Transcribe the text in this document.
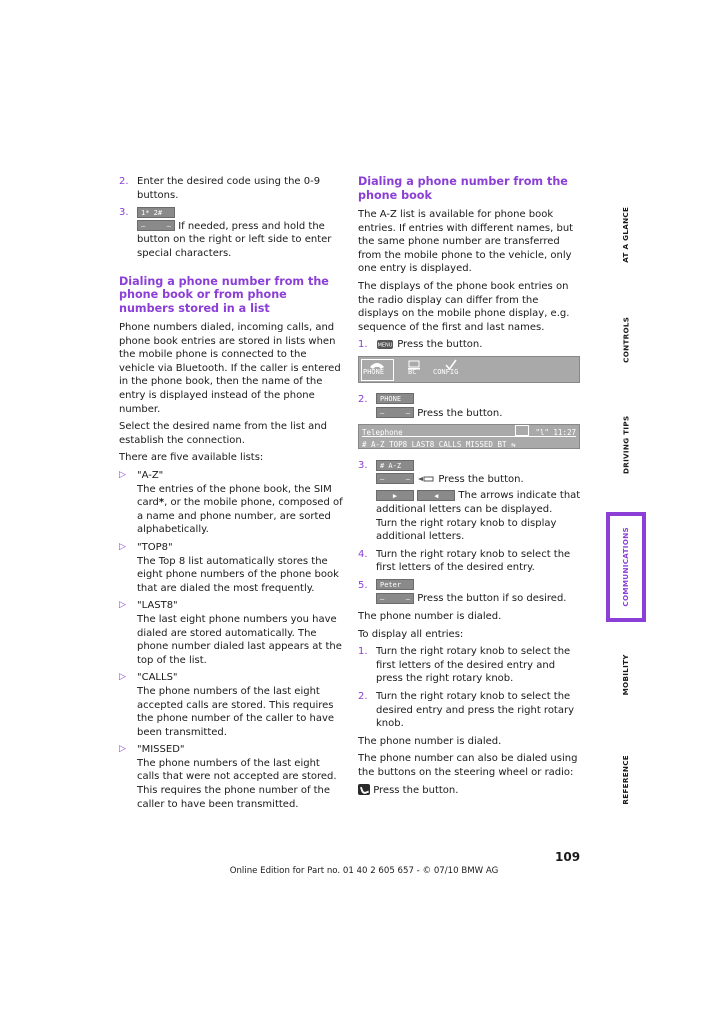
2. Enter the desired code using the 0-9 buttons.
3. 1* 2#

–	– If needed, press and hold the button on the right or left side to enter special characters.
Dialing a phone number from the phone book or from phone numbers stored in a list

Phone numbers dialed, incoming calls, and phone book entries are stored in lists when the mobile phone is connected to the vehicle via Bluetooth. If the caller is entered in the phone book, then the name of the entry is displayed instead of the phone number.

Select the desired name from the list and establish the connection.

There are five available lists:

▷ "A-Z"
The entries of the phone book, the SIM card*, or the mobile phone, composed of a name and phone number, are sorted alphabetically.
▷ "TOP8"
The Top 8 list automatically stores the eight phone numbers of the phone book that are dialed the most frequently.
▷ "LAST8"
The last eight phone numbers you have dialed are stored automatically. The phone number dialed last appears at the top of the list.
▷ "CALLS"
The phone numbers of the last eight accepted calls are stored. This requires the phone number of the caller to have been transmitted.
▷ "MISSED"
The phone numbers of the last eight calls that were not accepted are stored. This requires the phone number of the caller to have been transmitted.
Dialing a phone number from the phone book

The A-Z list is available for phone book entries. If entries with different names, but the same phone number are transferred from the mobile phone to the vehicle, only one entry is displayed.

The displays of the phone book entries on the radio display can differ from the displays on the mobile phone display, e.g. sequence of the first and last names.

1. MENU Press the button.
PHONE	BC CONFIG
2. PHONE

–	– Press the button.
Telephone	"l" 11:27
# A-Z TOP8 LAST8 CALLS MISSED BT ⇆
3. # A-Z

–	–	Press the button.
▶	◀ The arrows indicate that additional letters can be displayed.
Turn the right rotary knob to display additional letters.
4. Turn the right rotary knob to select the first letters of the desired entry.
5. Peter

–	– Press the button if so desired.

The phone number is dialed.

To display all entries:

1. Turn the right rotary knob to select the first letters of the desired entry and press the right rotary knob.
2. Turn the right rotary knob to select the desired entry and press the right rotary knob.

The phone number is dialed.

The phone number can also be dialed using the buttons on the steering wheel or radio:

Press the button.

AT A GLANCE
CONTROLS
DRIVING TIPS
COMMUNICATIONS
MOBILITY
REFERENCE
109
Online Edition for Part no. 01 40 2 605 657 - © 07/10 BMW AG
